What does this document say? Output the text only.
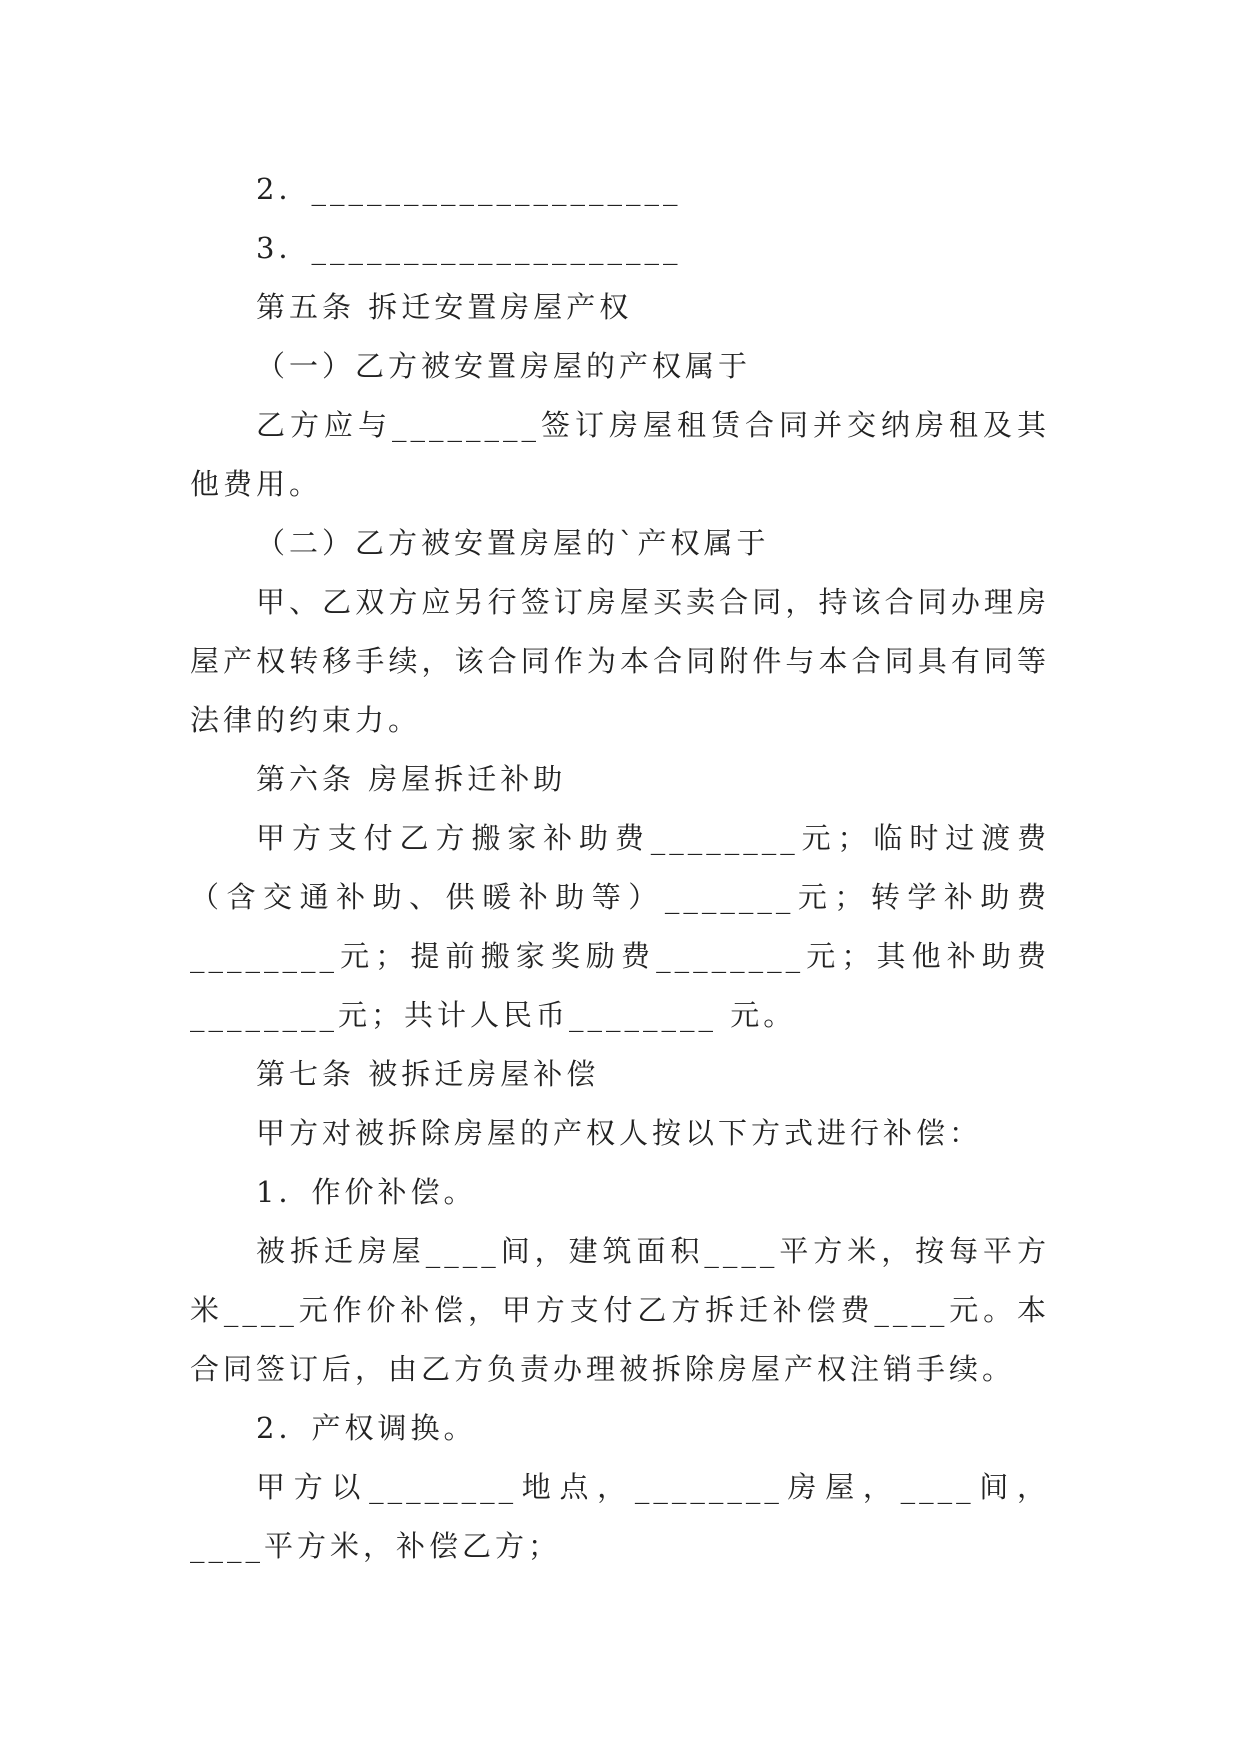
2．____________________

3．____________________

第五条 拆迁安置房屋产权

（一）乙方被安置房屋的产权属于

乙方应与________签订房屋租赁合同并交纳房租及其他费用。

（二）乙方被安置房屋的`产权属于

甲、乙双方应另行签订房屋买卖合同，持该合同办理房屋产权转移手续，该合同作为本合同附件与本合同具有同等法律的约束力。

第六条 房屋拆迁补助

甲方支付乙方搬家补助费________元；临时过渡费（含交通补助、供暖补助等）_______元；转学补助费________元；提前搬家奖励费________元；其他补助费________元；共计人民币________ 元。

第七条 被拆迁房屋补偿

甲方对被拆除房屋的产权人按以下方式进行补偿：

1．作价补偿。

被拆迁房屋____间，建筑面积____平方米，按每平方米____元作价补偿，甲方支付乙方拆迁补偿费____元。本合同签订后，由乙方负责办理被拆除房屋产权注销手续。

2．产权调换。

甲方以________地点，________房屋，____间，____平方米，补偿乙方；
